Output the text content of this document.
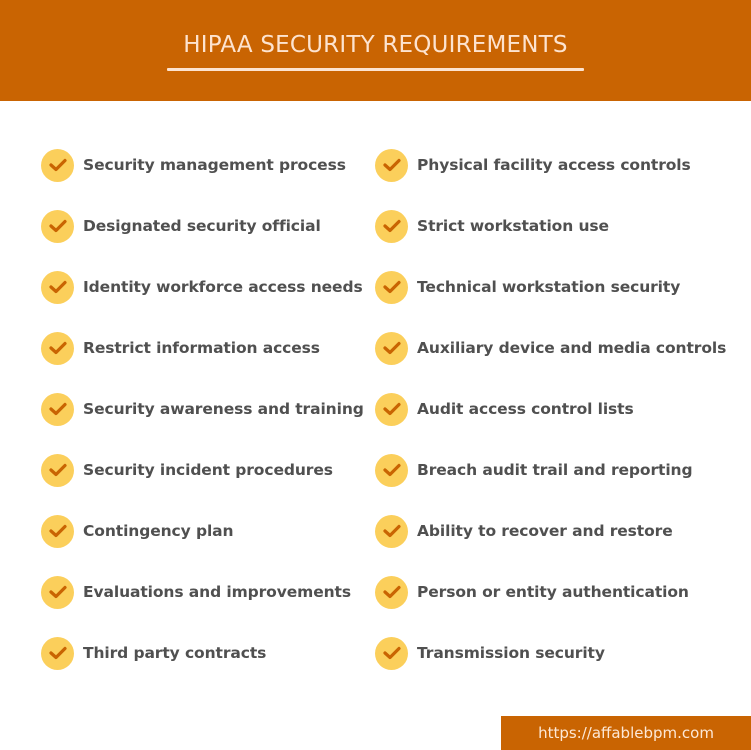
HIPAA SECURITY REQUIREMENTS
Security management process
Designated security official
Identity workforce access needs
Restrict information access
Security awareness and training
Security incident procedures
Contingency plan
Evaluations and improvements
Third party contracts
Physical facility access controls
Strict workstation use
Technical workstation security
Auxiliary device and media controls
Audit access control lists
Breach audit trail and reporting
Ability to recover and restore
Person or entity authentication
Transmission security
https://affablebpm.com
